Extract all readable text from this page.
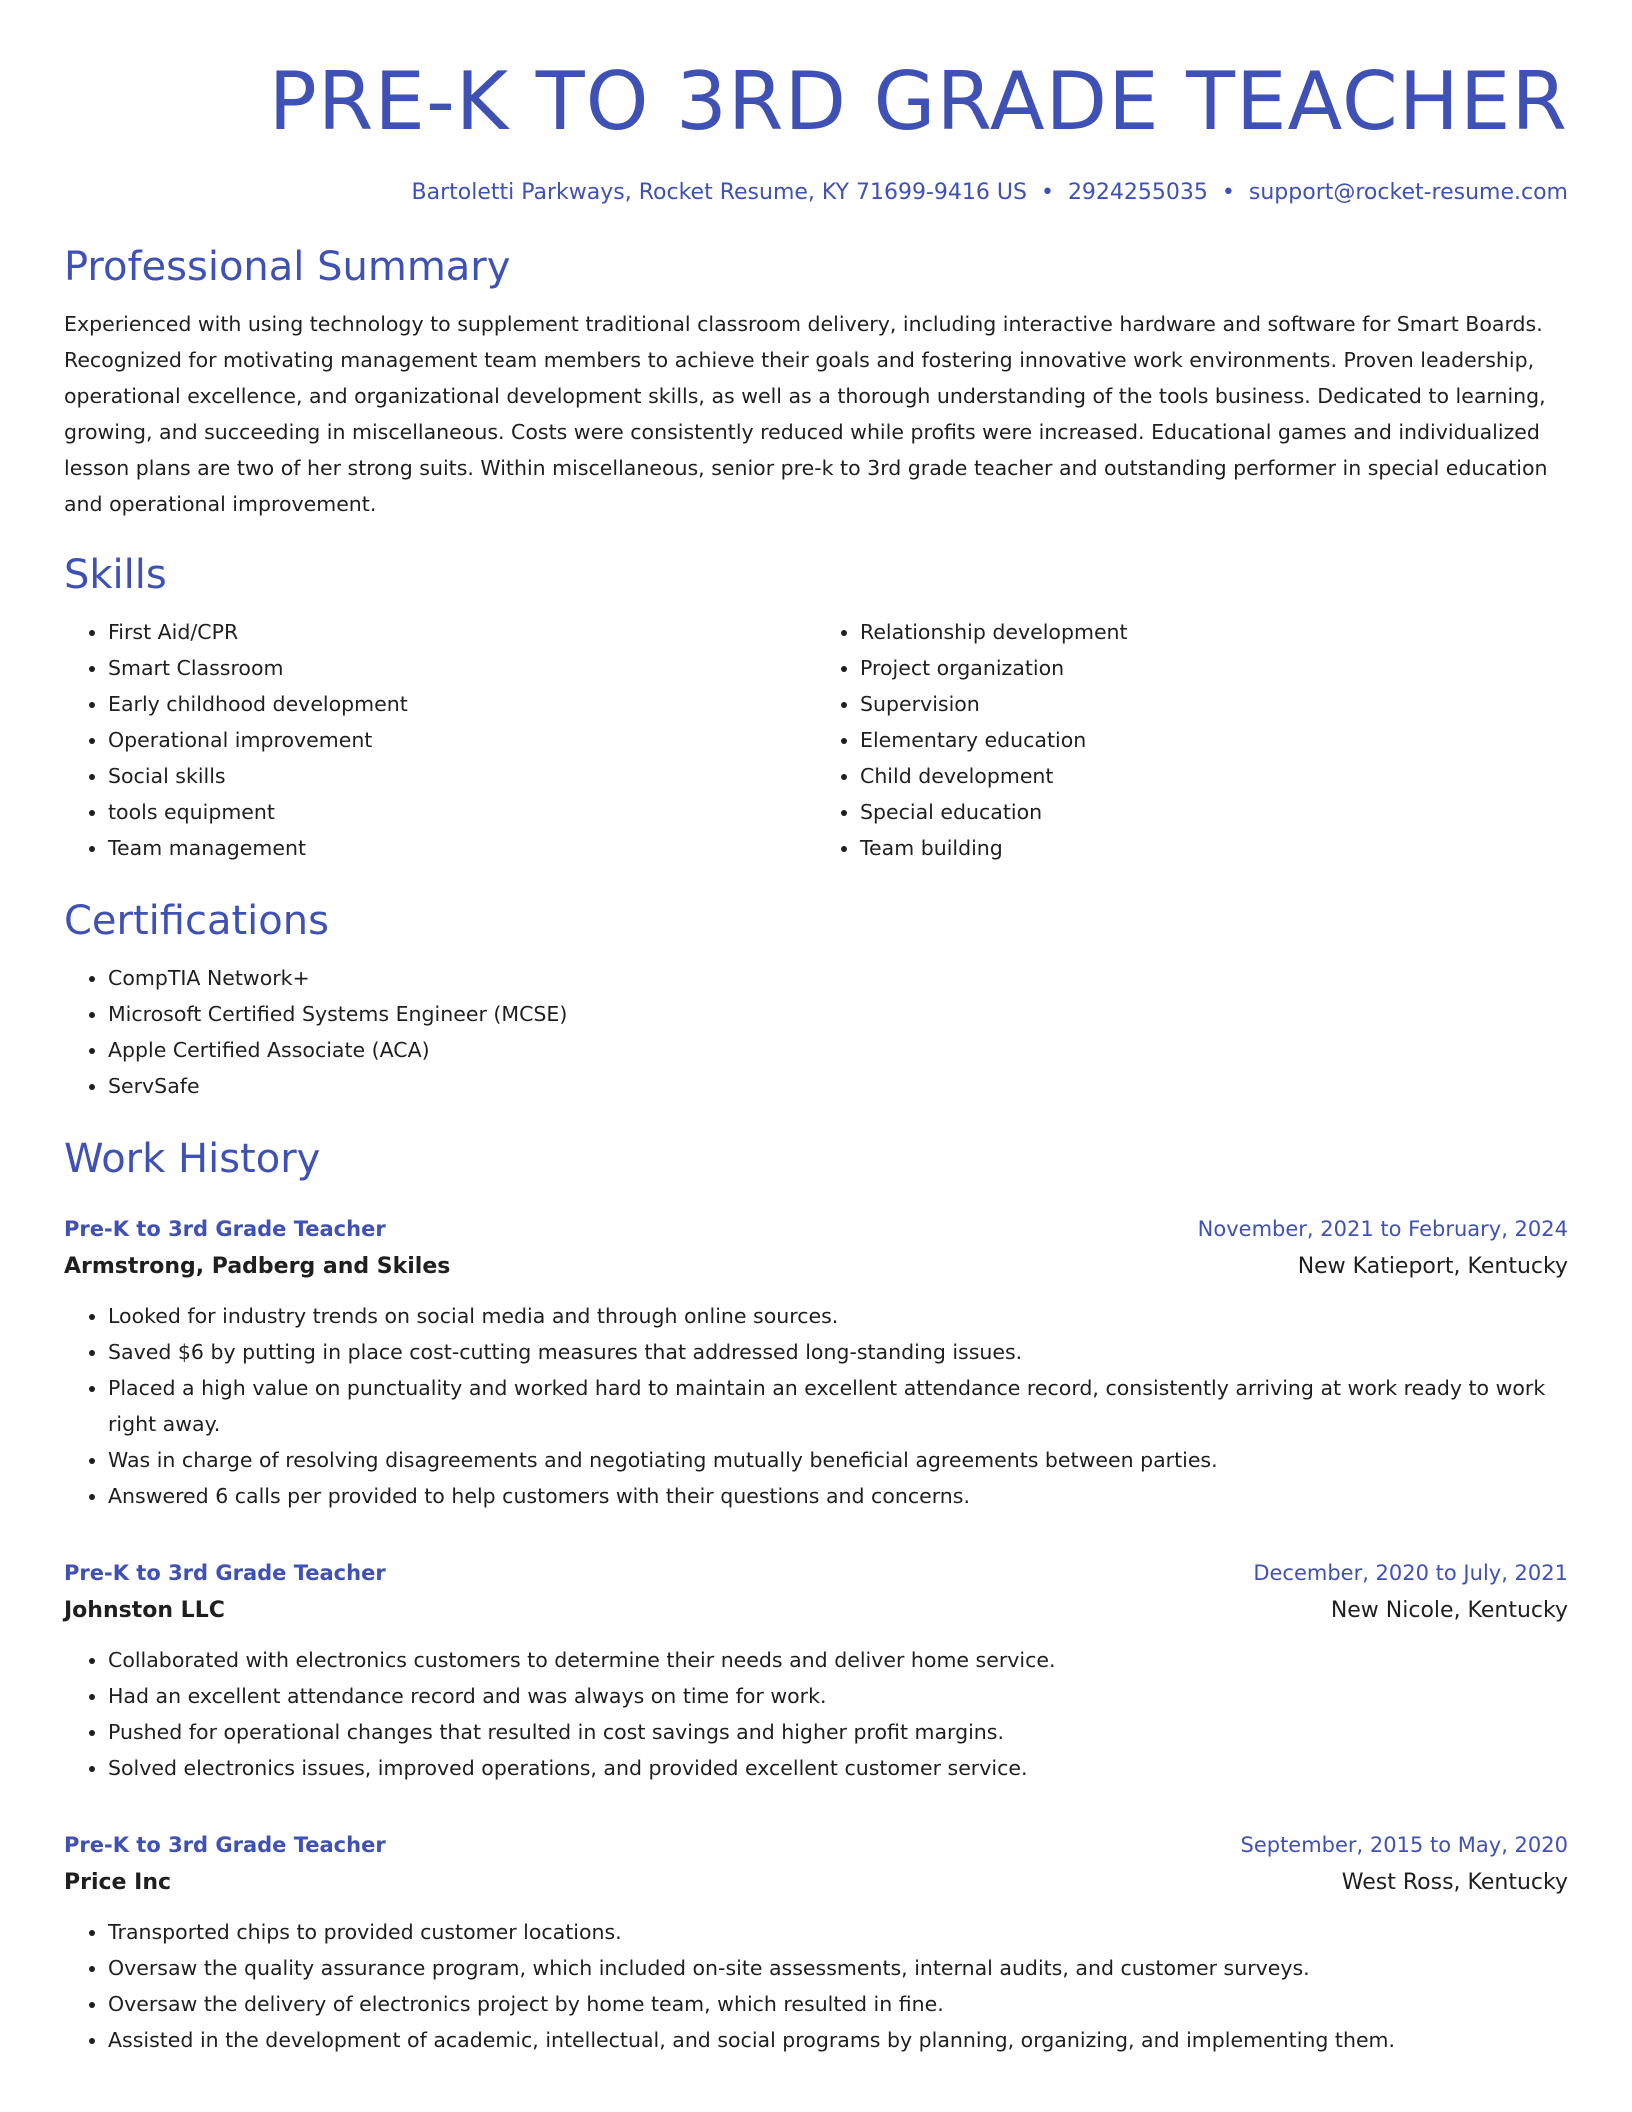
PRE-K TO 3RD GRADE TEACHER
Bartoletti Parkways, Rocket Resume, KY 71699-9416 US • 2924255035 • support@rocket-resume.com
Professional Summary

Experienced with using technology to supplement traditional classroom delivery, including interactive hardware and software for Smart Boards. Recognized for motivating management team members to achieve their goals and fostering innovative work environments. Proven leadership, operational excellence, and organizational development skills, as well as a thorough understanding of the tools business. Dedicated to learning, growing, and succeeding in miscellaneous. Costs were consistently reduced while profits were increased. Educational games and individualized lesson plans are two of her strong suits. Within miscellaneous, senior pre-k to 3rd grade teacher and outstanding performer in special education and operational improvement.

Skills
• First Aid/CPR
• Smart Classroom
• Early childhood development
• Operational improvement
• Social skills
• tools equipment
• Team management
• Relationship development
• Project organization
• Supervision
• Elementary education
• Child development
• Special education
• Team building
Certifications
• CompTIA Network+
• Microsoft Certified Systems Engineer (MCSE)
• Apple Certified Associate (ACA)
• ServSafe
Work History
Pre-K to 3rd Grade Teacher	November, 2021 to February, 2024
Armstrong, Padberg and Skiles	New Katieport, Kentucky
• Looked for industry trends on social media and through online sources.
• Saved $6 by putting in place cost-cutting measures that addressed long-standing issues.
• Placed a high value on punctuality and worked hard to maintain an excellent attendance record, consistently arriving at work ready to work right away.
• Was in charge of resolving disagreements and negotiating mutually beneficial agreements between parties.
• Answered 6 calls per provided to help customers with their questions and concerns.
Pre-K to 3rd Grade Teacher	December, 2020 to July, 2021
Johnston LLC	New Nicole, Kentucky
• Collaborated with electronics customers to determine their needs and deliver home service.
• Had an excellent attendance record and was always on time for work.
• Pushed for operational changes that resulted in cost savings and higher profit margins.
• Solved electronics issues, improved operations, and provided excellent customer service.
Pre-K to 3rd Grade Teacher	September, 2015 to May, 2020
Price Inc	West Ross, Kentucky
• Transported chips to provided customer locations.
• Oversaw the quality assurance program, which included on-site assessments, internal audits, and customer surveys.
• Oversaw the delivery of electronics project by home team, which resulted in fine.
• Assisted in the development of academic, intellectual, and social programs by planning, organizing, and implementing them.
